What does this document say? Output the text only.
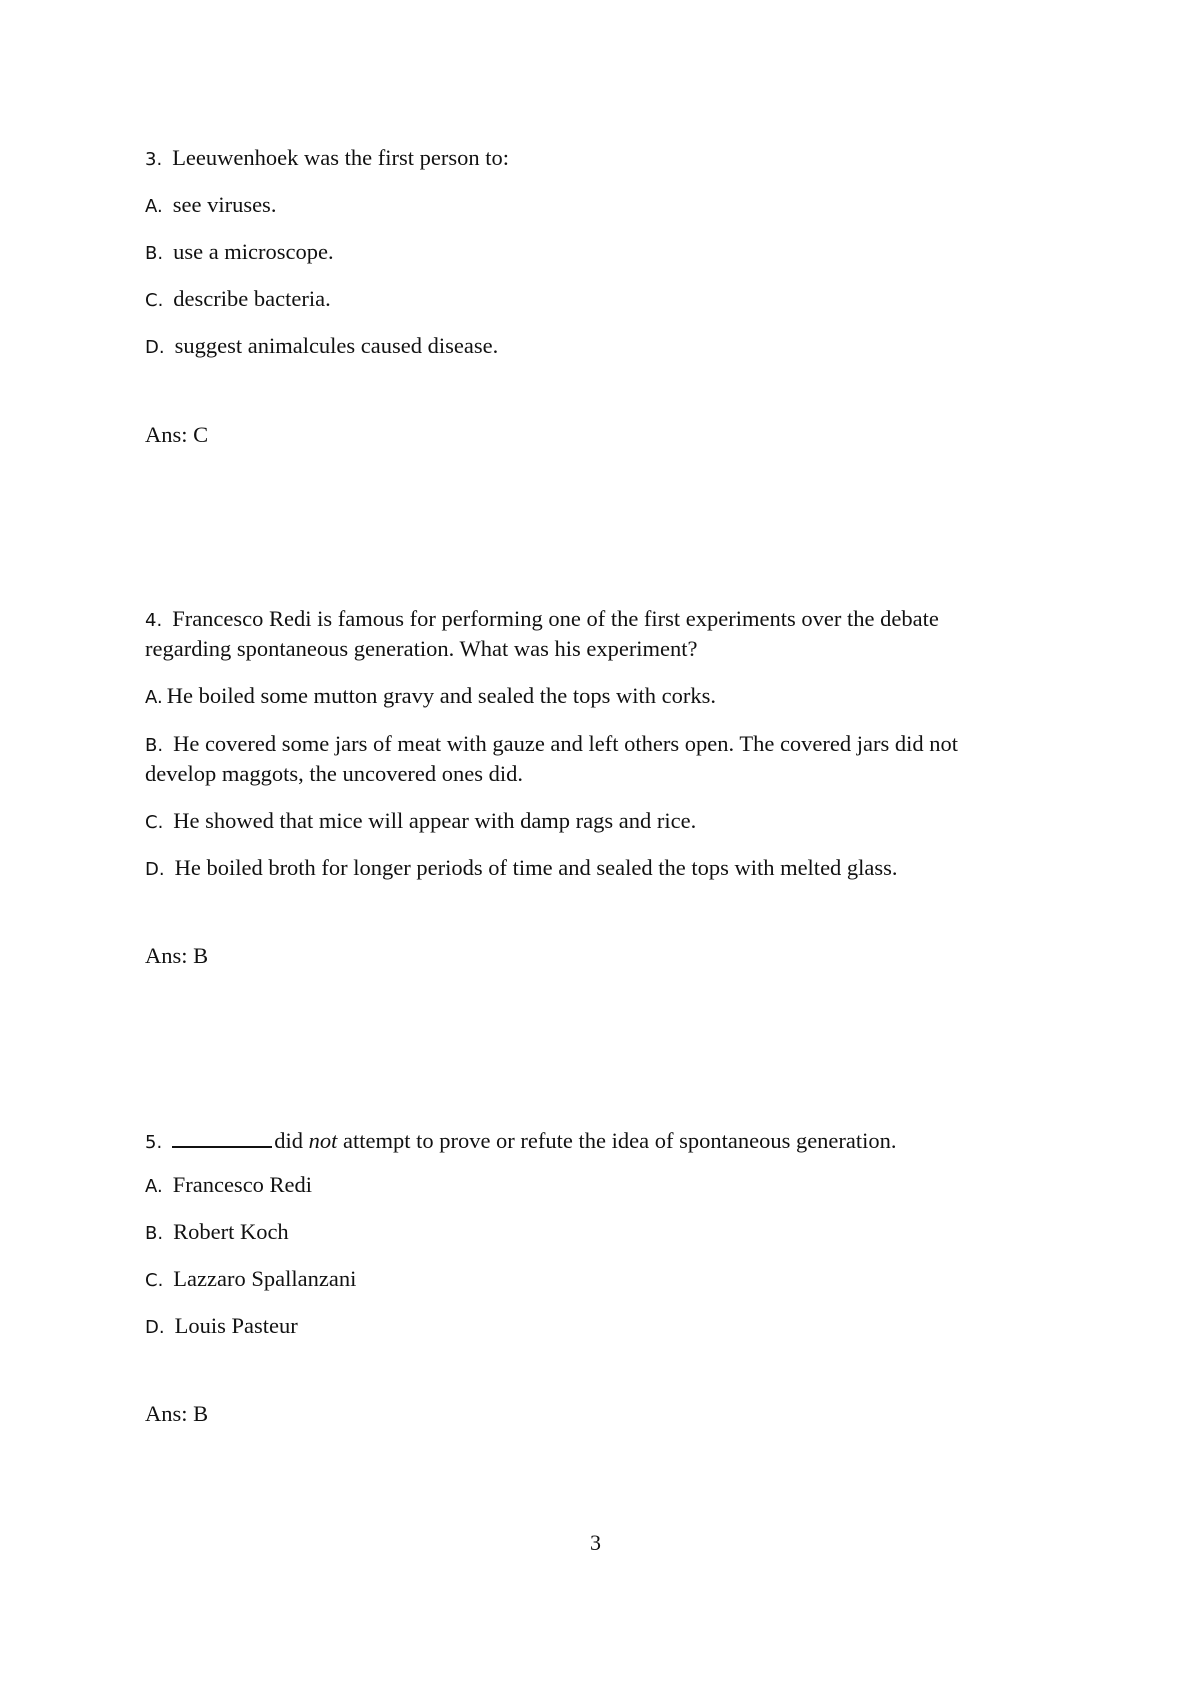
3. Leeuwenhoek was the first person to:
A. see viruses.
B. use a microscope.
C. describe bacteria.
D. suggest animalcules caused disease.
Ans: C
4. Francesco Redi is famous for performing one of the first experiments over the debate
regarding spontaneous generation. What was his experiment?
A. He boiled some mutton gravy and sealed the tops with corks.
B. He covered some jars of meat with gauze and left others open. The covered jars did not
develop maggots, the uncovered ones did.
C. He showed that mice will appear with damp rags and rice.
D. He boiled broth for longer periods of time and sealed the tops with melted glass.
Ans: B
5.	did not attempt to prove or refute the idea of spontaneous generation.
A. Francesco Redi
B. Robert Koch
C. Lazzaro Spallanzani
D. Louis Pasteur
Ans: B
3
